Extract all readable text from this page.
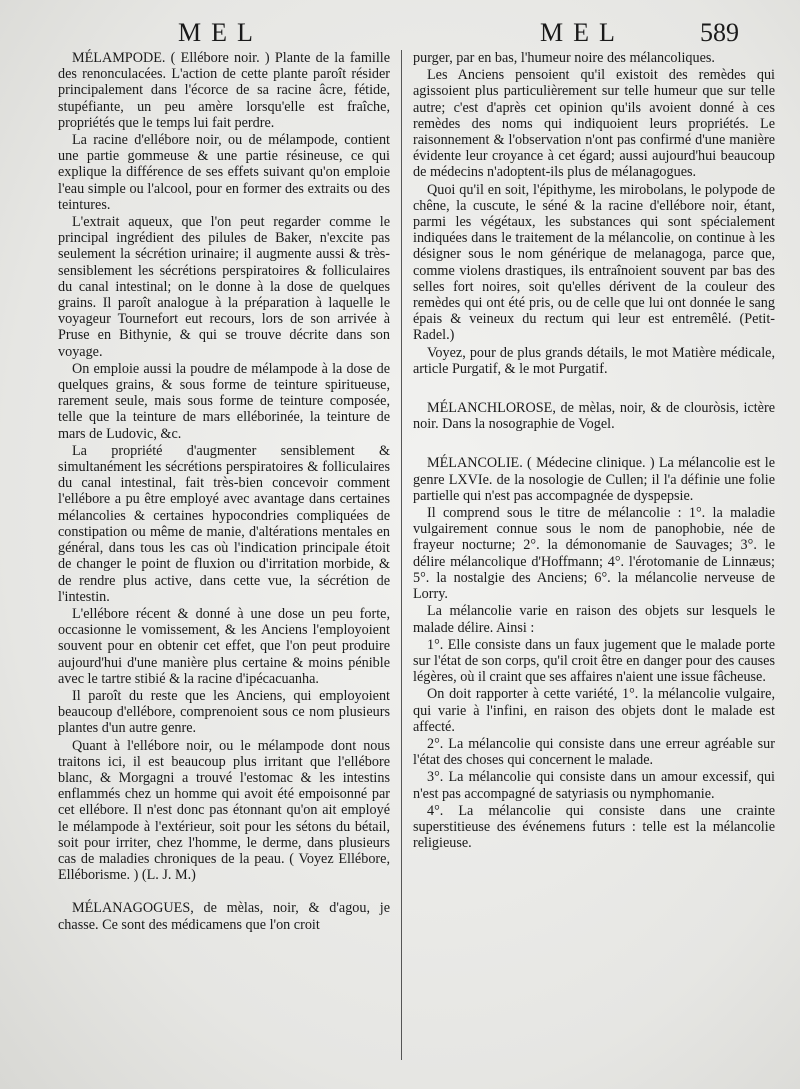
MEL	MEL	589

MÉLAMPODE. ( Ellébore noir. ) Plante de la famille des renonculacées. L'action de cette plante paroît résider principalement dans l'écorce de sa racine âcre, fétide, stupéfiante, un peu amère lorsqu'elle est fraîche, propriétés que le temps lui fait perdre.

La racine d'ellébore noir, ou de mélampode, contient une partie gommeuse & une partie résineuse, ce qui explique la différence de ses effets suivant qu'on emploie l'eau simple ou l'alcool, pour en former des extraits ou des teintures.

L'extrait aqueux, que l'on peut regarder comme le principal ingrédient des pilules de Baker, n'excite pas seulement la sécrétion urinaire; il augmente aussi & très-sensiblement les sécrétions perspiratoires & folliculaires du canal intestinal; on le donne à la dose de quelques grains. Il paroît analogue à la préparation à laquelle le voyageur Tournefort eut recours, lors de son arrivée à Pruse en Bithynie, & qui se trouve décrite dans son voyage.

On emploie aussi la poudre de mélampode à la dose de quelques grains, & sous forme de teinture spiritueuse, rarement seule, mais sous forme de teinture composée, telle que la teinture de mars elléborinée, la teinture de mars de Ludovic, &c.

La propriété d'augmenter sensiblement & simultanément les sécrétions perspiratoires & folliculaires du canal intestinal, fait très-bien concevoir comment l'ellébore a pu être employé avec avantage dans certaines mélancolies & certaines hypocondries compliquées de constipation ou même de manie, d'altérations mentales en général, dans tous les cas où l'indication principale étoit de changer le point de fluxion ou d'irritation morbide, & de rendre plus active, dans cette vue, la sécrétion de l'intestin.

L'ellébore récent & donné à une dose un peu forte, occasionne le vomissement, & les Anciens l'employoient souvent pour en obtenir cet effet, que l'on peut produire aujourd'hui d'une manière plus certaine & moins pénible avec le tartre stibié & la racine d'ipécacuanha.

Il paroît du reste que les Anciens, qui employoient beaucoup d'ellébore, comprenoient sous ce nom plusieurs plantes d'un autre genre.

Quant à l'ellébore noir, ou le mélampode dont nous traitons ici, il est beaucoup plus irritant que l'ellébore blanc, & Morgagni a trouvé l'estomac & les intestins enflammés chez un homme qui avoit été empoisonné par cet ellébore. Il n'est donc pas étonnant qu'on ait employé le mélampode à l'extérieur, soit pour les sétons du bétail, soit pour irriter, chez l'homme, le derme, dans plusieurs cas de maladies chroniques de la peau. ( Voyez Ellébore, Elléborisme. ) (L. J. M.)

MÉLANAGOGUES, de mèlas, noir, & d'agou, je chasse. Ce sont des médicamens que l'on croit

purger, par en bas, l'humeur noire des mélancoliques.

Les Anciens pensoient qu'il existoit des remèdes qui agissoient plus particulièrement sur telle humeur que sur telle autre; c'est d'après cet opinion qu'ils avoient donné à ces remèdes des noms qui indiquoient leurs propriétés. Le raisonnement & l'observation n'ont pas confirmé d'une manière évidente leur croyance à cet égard; aussi aujourd'hui beaucoup de médecins n'adoptent-ils plus de mélanagogues.

Quoi qu'il en soit, l'épithyme, les mirobolans, le polypode de chêne, la cuscute, le séné & la racine d'ellébore noir, étant, parmi les végétaux, les substances qui sont spécialement indiquées dans le traitement de la mélancolie, on continue à les désigner sous le nom générique de melanagoga, parce que, comme violens drastiques, ils entraînoient souvent par bas des selles fort noires, soit qu'elles dérivent de la couleur des remèdes qui ont été pris, ou de celle que lui ont donnée le sang épais & veineux du rectum qui leur est entremêlé. (Petit-Radel.)

Voyez, pour de plus grands détails, le mot Matière médicale, article Purgatif, & le mot Purgatif.

MÉLANCHLOROSE, de mèlas, noir, & de clouròsis, ictère noir. Dans la nosographie de Vogel.

MÉLANCOLIE. ( Médecine clinique. ) La mélancolie est le genre LXVIe. de la nosologie de Cullen; il l'a définie une folie partielle qui n'est pas accompagnée de dyspepsie.

Il comprend sous le titre de mélancolie : 1°. la maladie vulgairement connue sous le nom de panophobie, née de frayeur nocturne; 2°. la démonomanie de Sauvages; 3°. le délire mélancolique d'Hoffmann; 4°. l'érotomanie de Linnæus; 5°. la nostalgie des Anciens; 6°. la mélancolie nerveuse de Lorry.

La mélancolie varie en raison des objets sur lesquels le malade délire. Ainsi :

1°. Elle consiste dans un faux jugement que le malade porte sur l'état de son corps, qu'il croit être en danger pour des causes légères, où il craint que ses affaires n'aient une issue fâcheuse.

On doit rapporter à cette variété, 1°. la mélancolie vulgaire, qui varie à l'infini, en raison des objets dont le malade est affecté.

2°. La mélancolie qui consiste dans une erreur agréable sur l'état des choses qui concernent le malade.

3°. La mélancolie qui consiste dans un amour excessif, qui n'est pas accompagné de satyriasis ou nymphomanie.

4°. La mélancolie qui consiste dans une crainte superstitieuse des événemens futurs : telle est la mélancolie religieuse.
